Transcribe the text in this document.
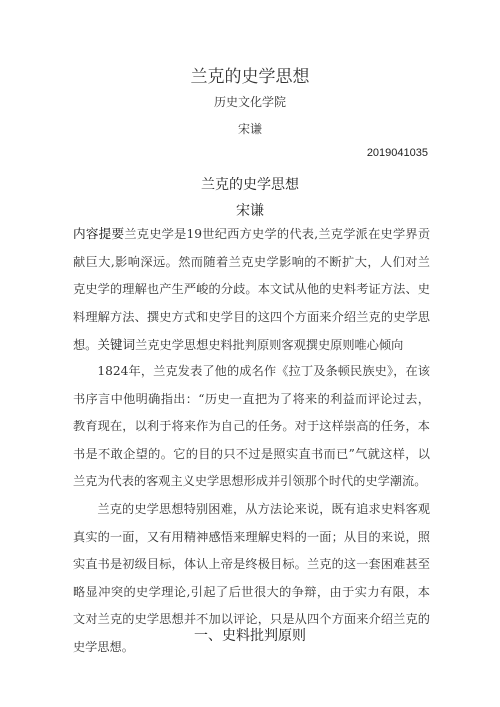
兰克的史学思想
历史文化学院
宋谦
2019041035
兰克的史学思想
宋谦
内容提要兰克史学是19世纪西方史学的代表,兰克学派在史学界贡献巨大,影响深远。然而随着兰克史学影响的不断扩大，人们对兰克史学的理解也产生严峻的分歧。本文试从他的史料考证方法、史料理解方法、撰史方式和史学目的这四个方面来介绍兰克的史学思想。关键词兰克史学思想史料批判原则客观撰史原则唯心倾向
1824年，兰克发表了他的成名作《拉丁及条顿民族史》，在该书序言中他明确指出：“历史一直把为了将来的利益而评论过去，教育现在，以利于将来作为自己的任务。对于这样崇高的任务，本书是不敢企望的。它的目的只不过是照实直书而已”气就这样，以兰克为代表的客观主义史学思想形成并引领那个时代的史学潮流。
兰克的史学思想特别困难，从方法论来说，既有追求史料客观真实的一面，又有用精神感悟来理解史料的一面；从目的来说，照实直书是初级目标，体认上帝是终极目标。兰克的这一套困难甚至略显冲突的史学理论,引起了后世很大的争辩，由于实力有限，本文对兰克的史学思想并不加以评论，只是从四个方面来介绍兰克的史学思想。
一、史料批判原则
